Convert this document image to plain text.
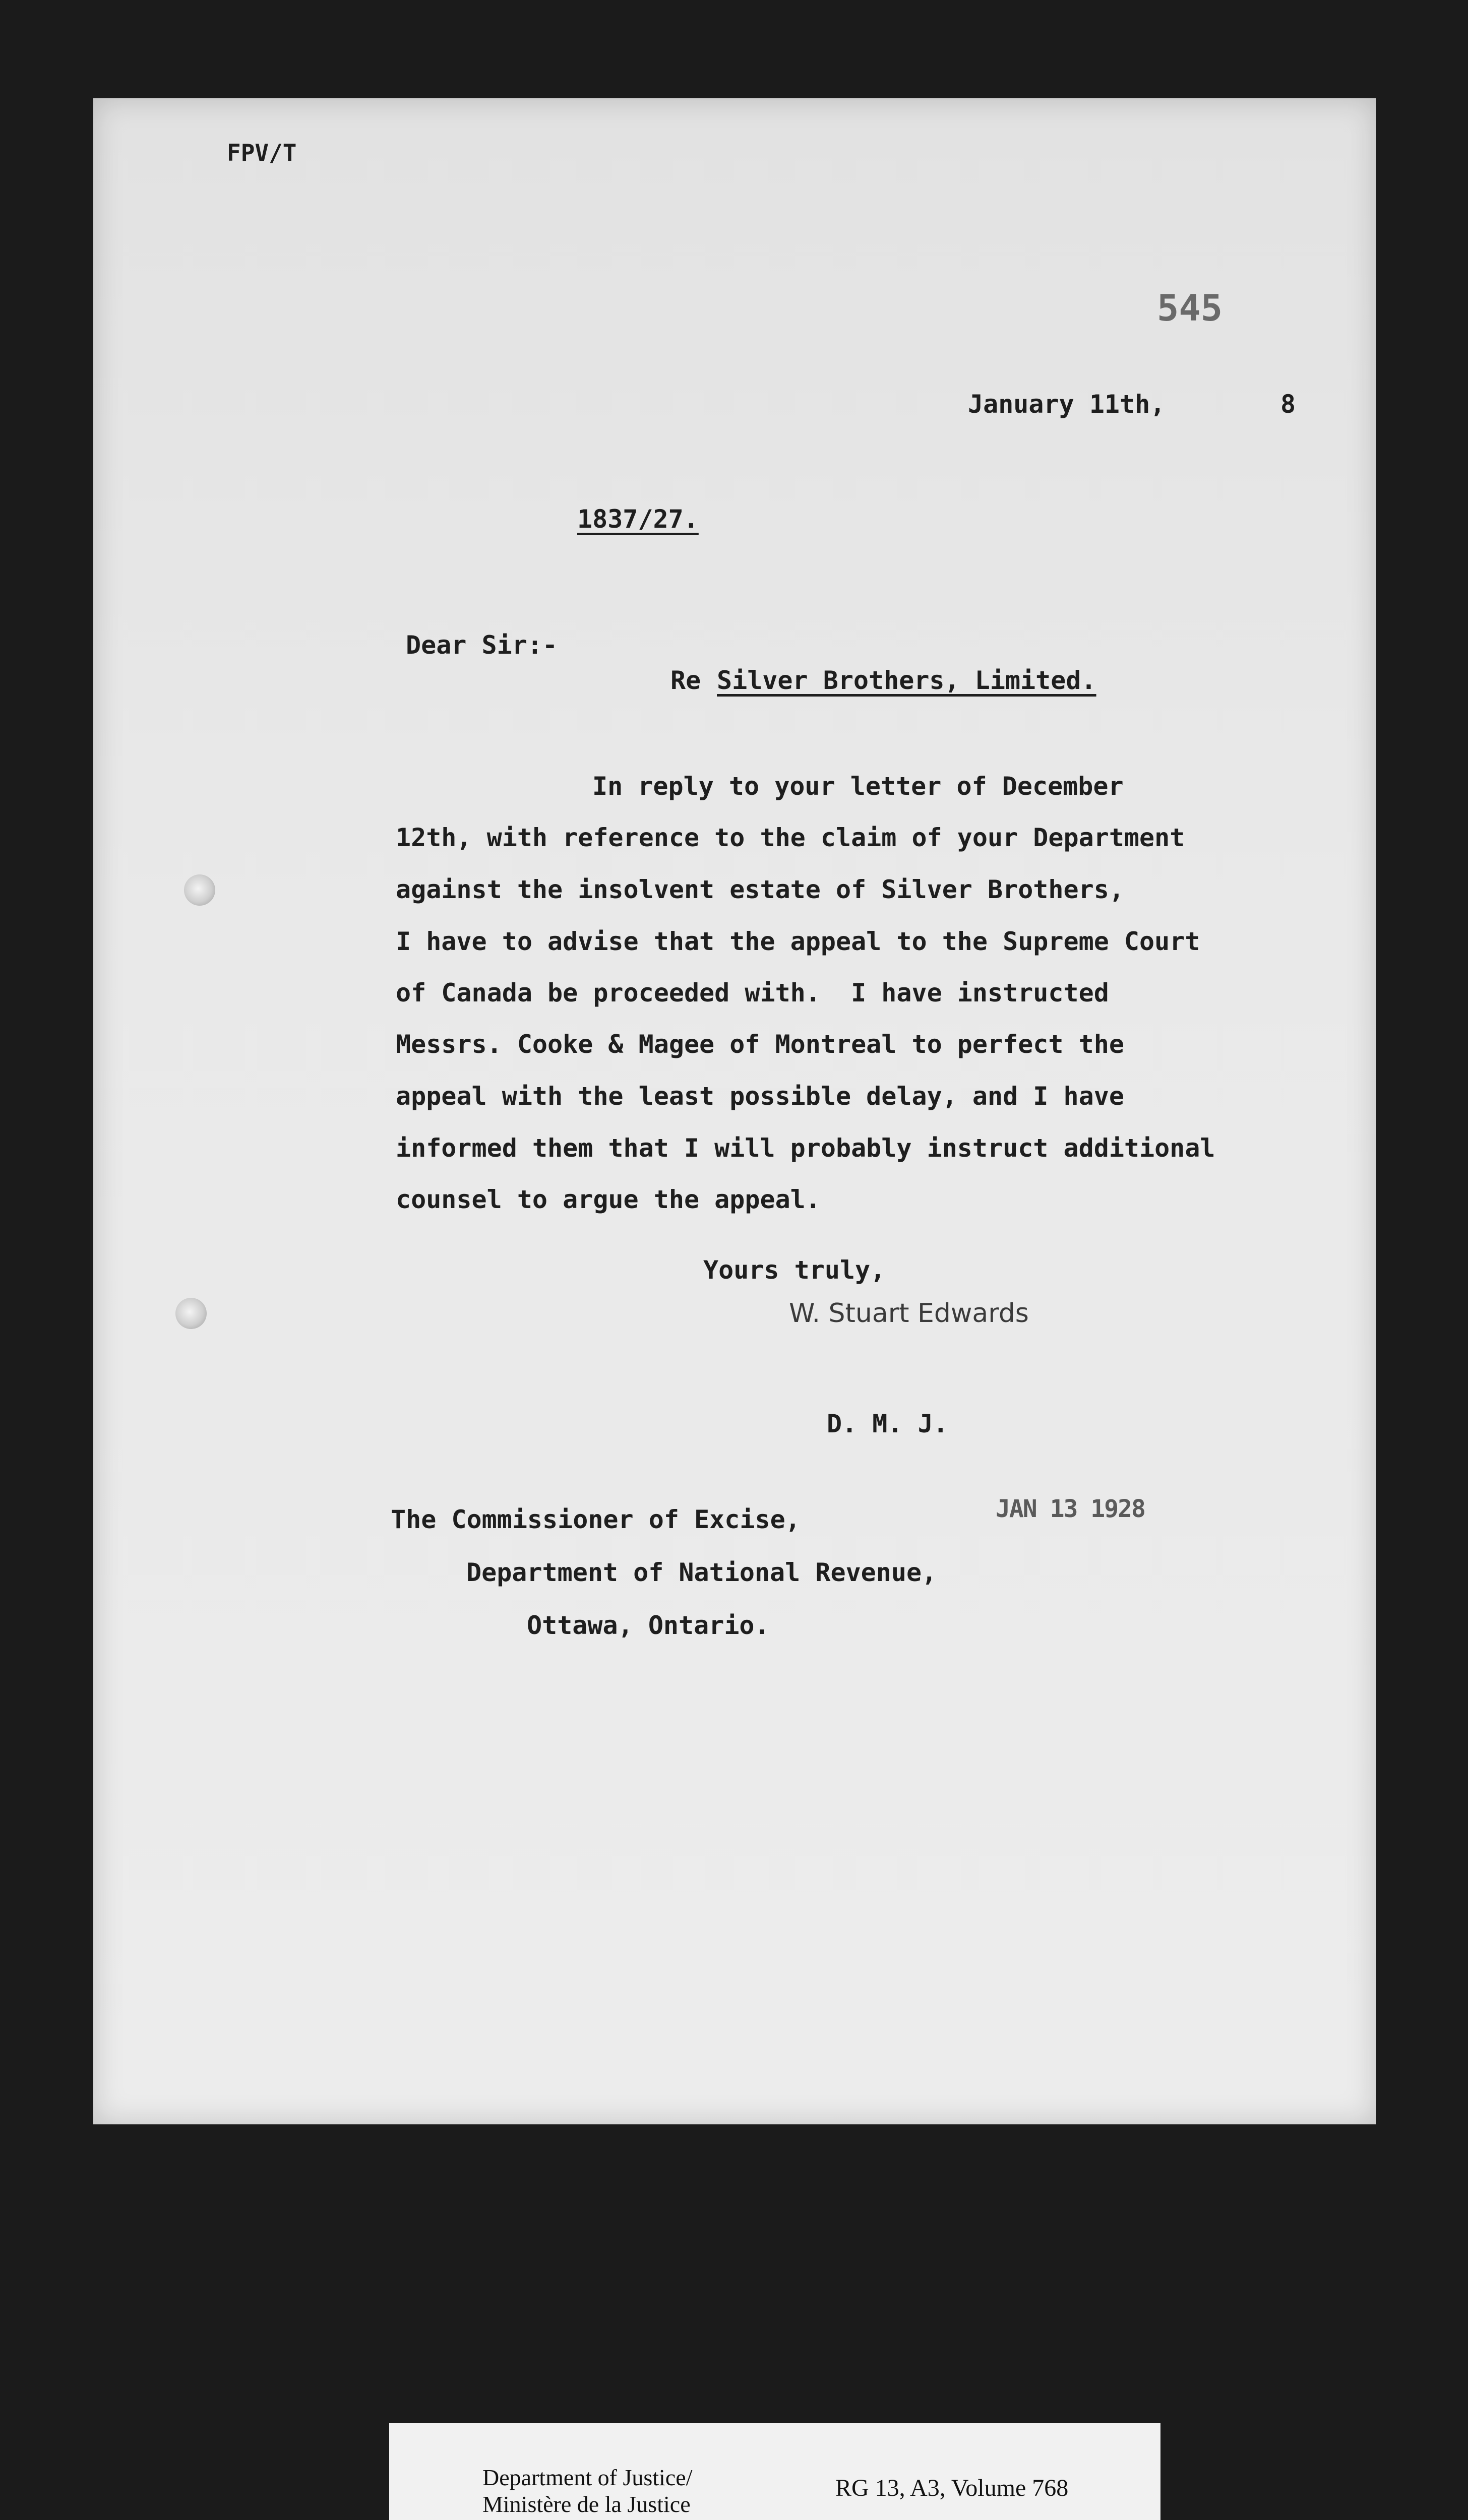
FPV/T
545
January 11th,	8
1837/27.
Dear Sir:-
Re Silver Brothers, Limited.
In reply to your letter of December
12th, with reference to the claim of your Department
against the insolvent estate of Silver Brothers,
I have to advise that the appeal to the Supreme Court
of Canada be proceeded with.  I have instructed
Messrs. Cooke & Magee of Montreal to perfect the
appeal with the least possible delay, and I have
informed them that I will probably instruct additional
counsel to argue the appeal.
Yours truly,
W. Stuart Edwards
D. M. J.
JAN 13 1928
The Commissioner of Excise,
Department of National Revenue,
Ottawa, Ontario.
Department of Justice/
Ministère de la Justice
RG 13, A3, Volume 768
